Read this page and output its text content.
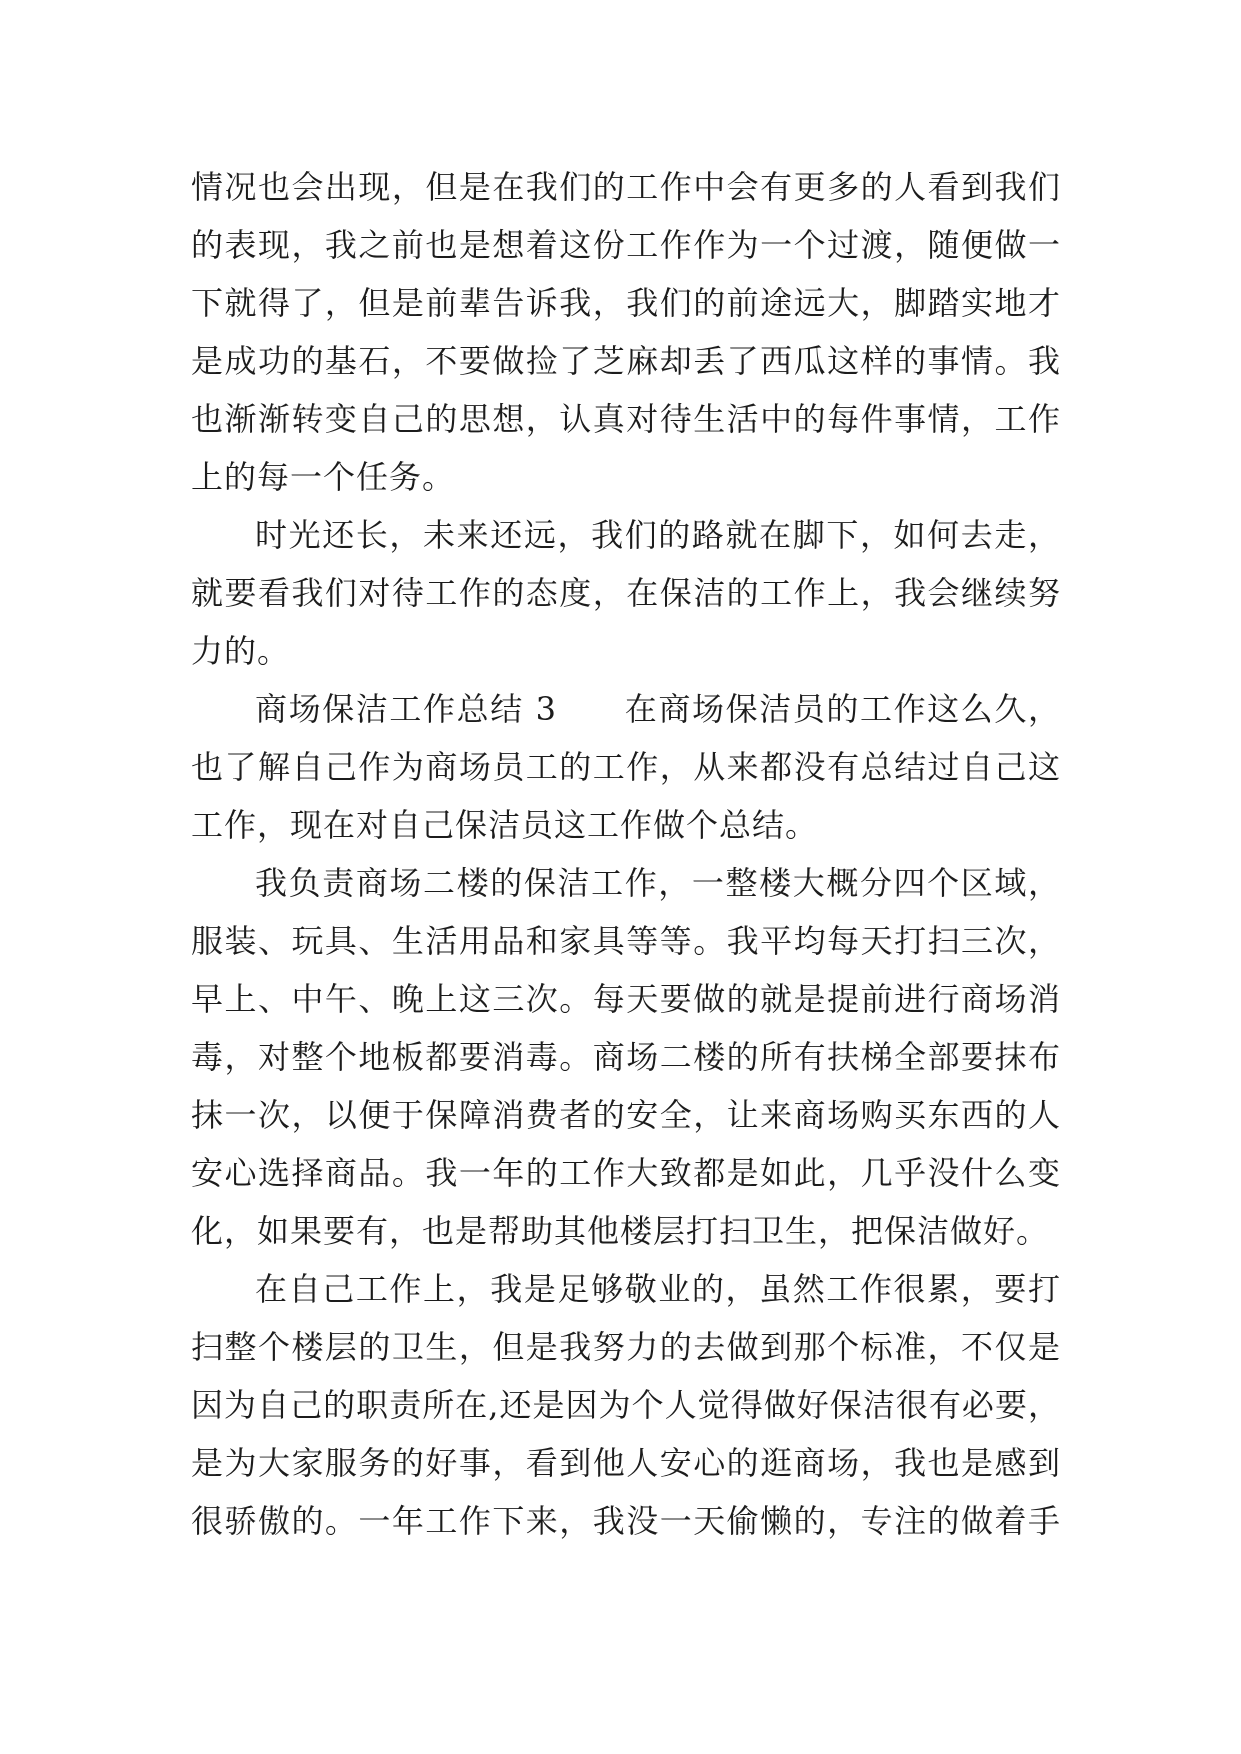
情况也会出现，但是在我们的工作中会有更多的人看到我们
的表现，我之前也是想着这份工作作为一个过渡，随便做一
下就得了，但是前辈告诉我，我们的前途远大，脚踏实地才
是成功的基石，不要做捡了芝麻却丢了西瓜这样的事情。我
也渐渐转变自己的思想，认真对待生活中的每件事情，工作
上的每一个任务。
时光还长，未来还远，我们的路就在脚下，如何去走，
就要看我们对待工作的态度，在保洁的工作上，我会继续努
力的。
商场保洁工作总结 3　　在商场保洁员的工作这么久，
也了解自己作为商场员工的工作，从来都没有总结过自己这
工作，现在对自己保洁员这工作做个总结。
我负责商场二楼的保洁工作，一整楼大概分四个区域，
服装、玩具、生活用品和家具等等。我平均每天打扫三次，
早上、中午、晚上这三次。每天要做的就是提前进行商场消
毒，对整个地板都要消毒。商场二楼的所有扶梯全部要抹布
抹一次，以便于保障消费者的安全，让来商场购买东西的人
安心选择商品。我一年的工作大致都是如此，几乎没什么变
化，如果要有，也是帮助其他楼层打扫卫生，把保洁做好。
在自己工作上，我是足够敬业的，虽然工作很累，要打
扫整个楼层的卫生，但是我努力的去做到那个标准，不仅是
因为自己的职责所在,还是因为个人觉得做好保洁很有必要，
是为大家服务的好事，看到他人安心的逛商场，我也是感到
很骄傲的。一年工作下来，我没一天偷懒的，专注的做着手
